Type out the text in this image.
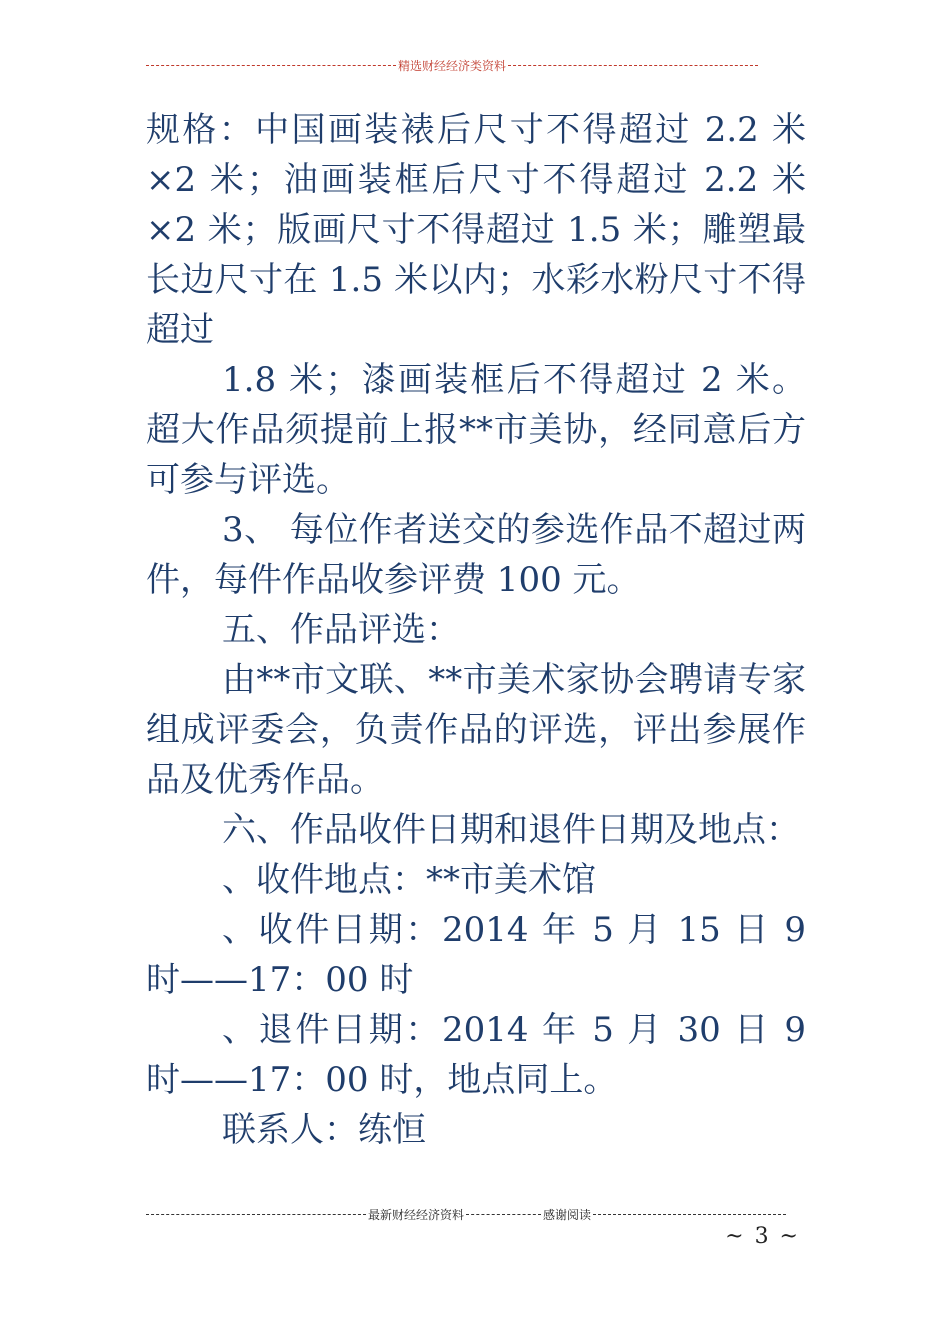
精选财经经济类资料

规格：中国画装裱后尺寸不得超过 2.2 米×2 米；油画装框后尺寸不得超过 2.2 米×2 米；版画尺寸不得超过 1.5 米；雕塑最长边尺寸在 1.5 米以内；水彩水粉尺寸不得超过

1.8 米；漆画装框后不得超过 2 米。超大作品须提前上报**市美协，经同意后方可参与评选。

3、 每位作者送交的参选作品不超过两件，每件作品收参评费 100 元。

五、作品评选：

由**市文联、**市美术家协会聘请专家组成评委会，负责作品的评选，评出参展作品及优秀作品。

六、作品收件日期和退件日期及地点：

、收件地点：**市美术馆

、收件日期：2014 年 5 月 15 日 9 时——17：00 时

、退件日期：2014 年 5 月 30 日 9 时——17：00 时，地点同上。

联系人：练恒

最新财经经济资料	感谢阅读
~ 3 ~
